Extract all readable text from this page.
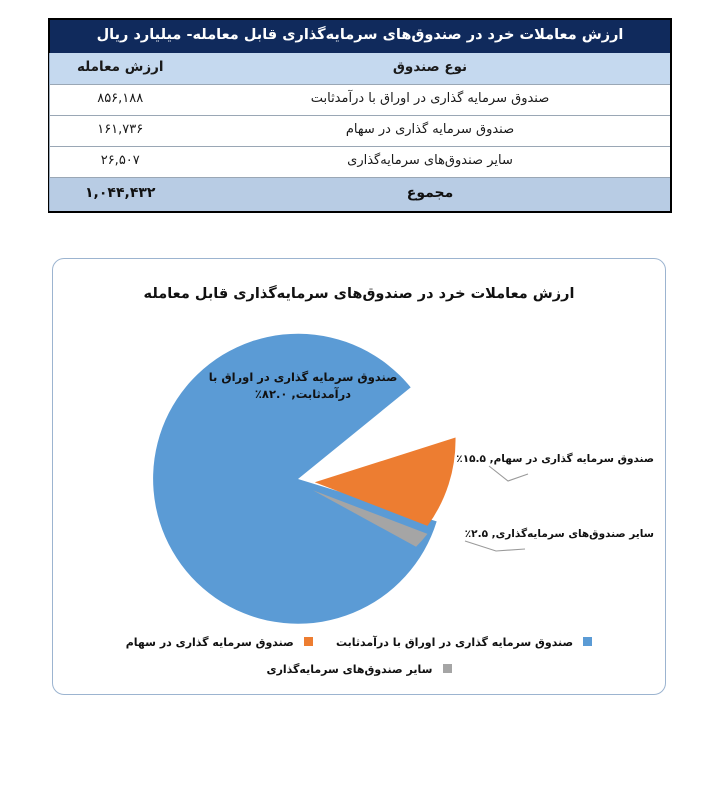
ارزش معاملات خرد در صندوق‌های سرمایه‌گذاری قابل معامله- میلیارد ریال	
نوع صندوق	ارزش معامله
صندوق سرمایه گذاری در اوراق با درآمدثابت	۸۵۶,۱۸۸
صندوق سرمایه گذاری در سهام	۱۶۱,۷۳۶
سایر صندوق‌های سرمایه‌گذاری	۲۶,۵۰۷
مجموع	۱,۰۴۴,۴۳۲
ارزش معاملات خرد در صندوق‌های سرمایه‌گذاری قابل معامله
صندوق سرمایه گذاری در اوراق با
درآمدثابت, ۸۲.۰٪
صندوق سرمایه گذاری در سهام, ۱۵.۵٪
سایر صندوق‌های سرمایه‌گذاری, ۲.۵٪
صندوق سرمایه گذاری در اوراق با درآمدثابت  صندوق سرمایه گذاری در سهام
سایر صندوق‌های سرمایه‌گذاری
